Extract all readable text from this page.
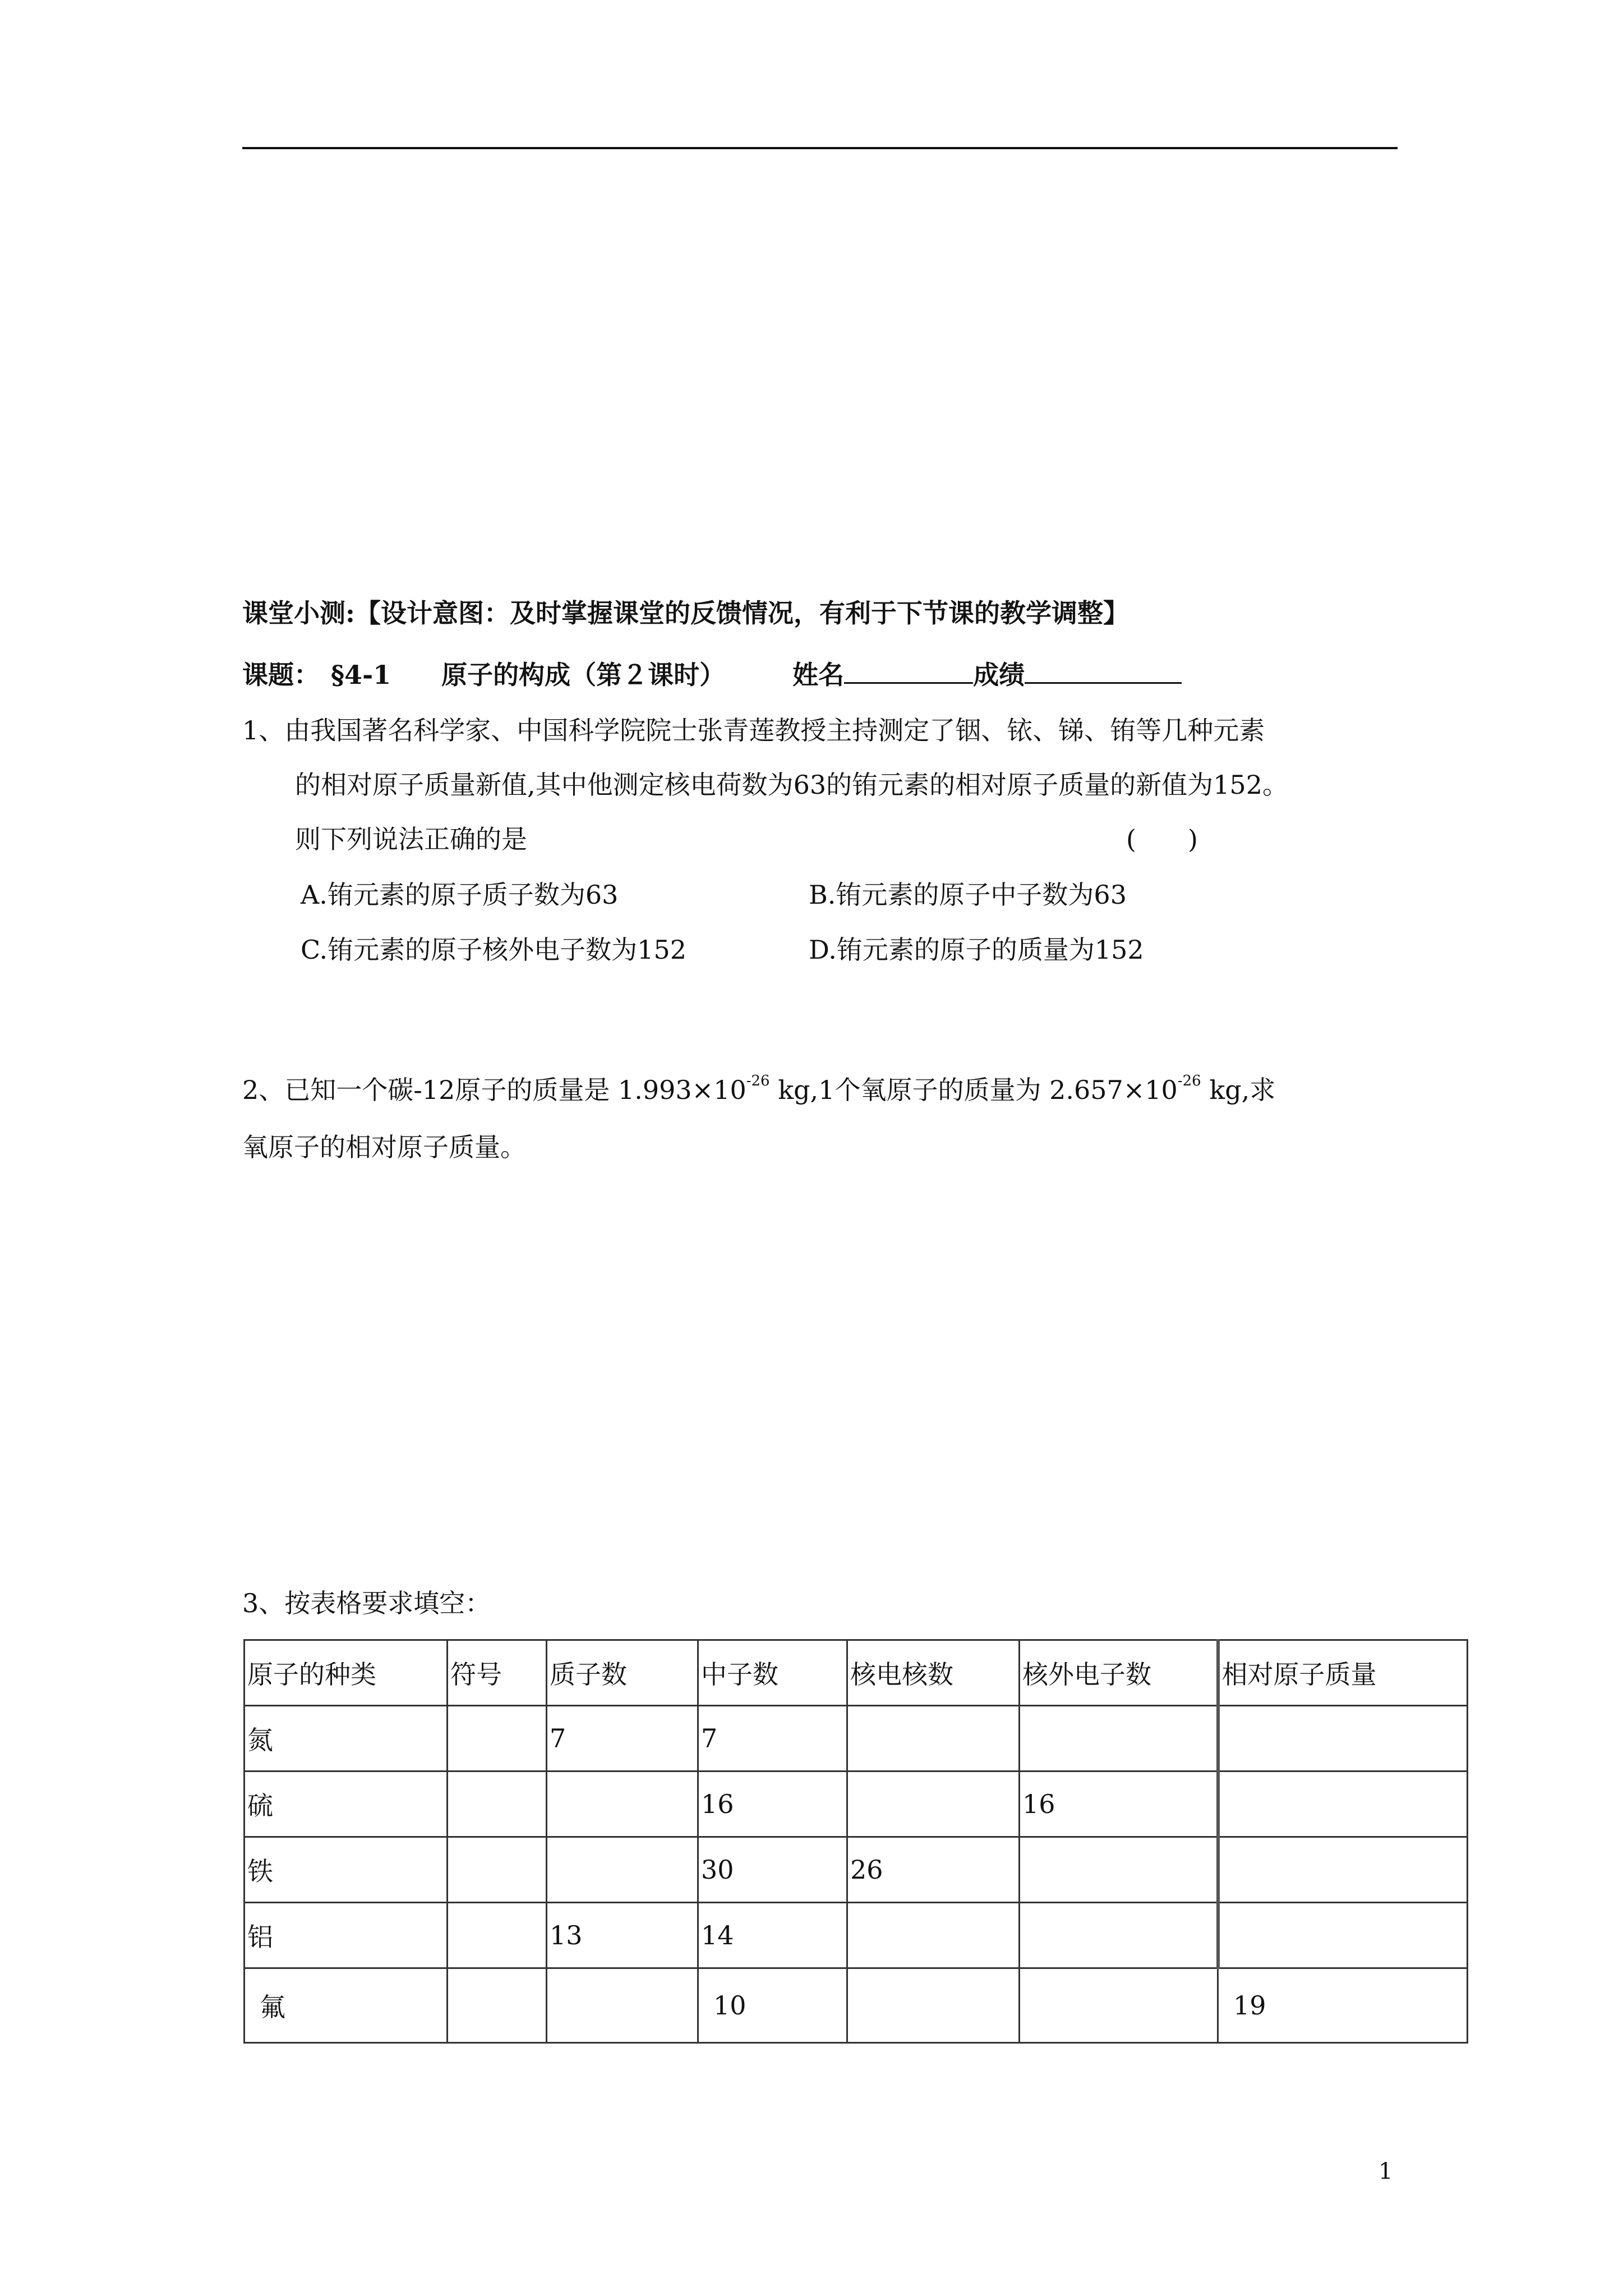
课堂小测:【设计意图：及时掌握课堂的反馈情况，有利于下节课的教学调整】
课题： §4-1 原子的构成（第２课时）	姓名	成绩
1、由我国著名科学家、中国科学院院士张青莲教授主持测定了铟、铱、锑、铕等几种元素
的相对原子质量新值,其中他测定核电荷数为63的铕元素的相对原子质量的新值为152。
则下列说法正确的是	(　　)
A.铕元素的原子质子数为63	B.铕元素的原子中子数为63
C.铕元素的原子核外电子数为152	D.铕元素的原子的质量为152
2、已知一个碳-12原子的质量是 $1.993\times 10^{-26}$ kg,1个氧原子的质量为 $2.657\times 10^{-26}$ kg,求
氧原子的相对原子质量。
3、按表格要求填空：
原子的种类	符号	质子数	中子数	核电核数	核外电子数	相对原子质量
氮		7	7			
硫			16		16	
铁			30	26		
铝		13	14			
氟			10			19
1
